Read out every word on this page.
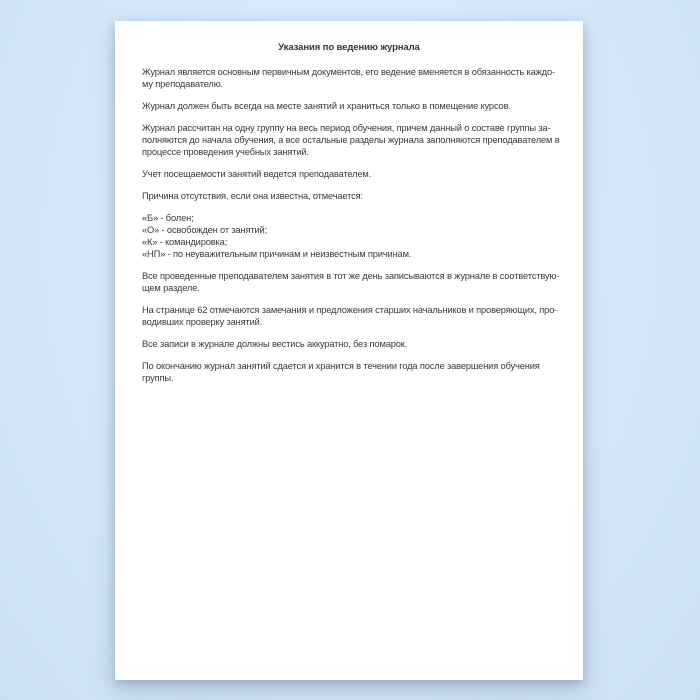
Указания по ведению журнала
Журнал является основным первичным документов, его ведение вменяется в обязанность каждо-
му преподавателю.
Журнал должен быть всегда на месте занятий и храниться только в помещение курсов.
Журнал рассчитан на одну группу на весь период обучения, причем данный о составе группы за-
полняются до начала обучения, а все остальные разделы журнала заполняются преподавателем в
процессе проведения учебных занятий.
Учет посещаемости занятий ведется преподавателем.
Причина отсутствия, если она известна, отмечается:
«Б» - болен;
«О» - освобожден от занятий;
«К» - командировка;
«НП» - по неуважительным причинам и неизвестным причинам.
Все проведенные преподавателем занятия в тот же день записываются в журнале в соответствую-
щем разделе.
На странице 62 отмечаются замечания и предложения старших начальников и проверяющих, про-
водивших проверку занятий.
Все записи в журнале должны вестись аккуратно, без помарок.
По окончанию журнал занятий сдается и хранится в течении года после завершения обучения
группы.
